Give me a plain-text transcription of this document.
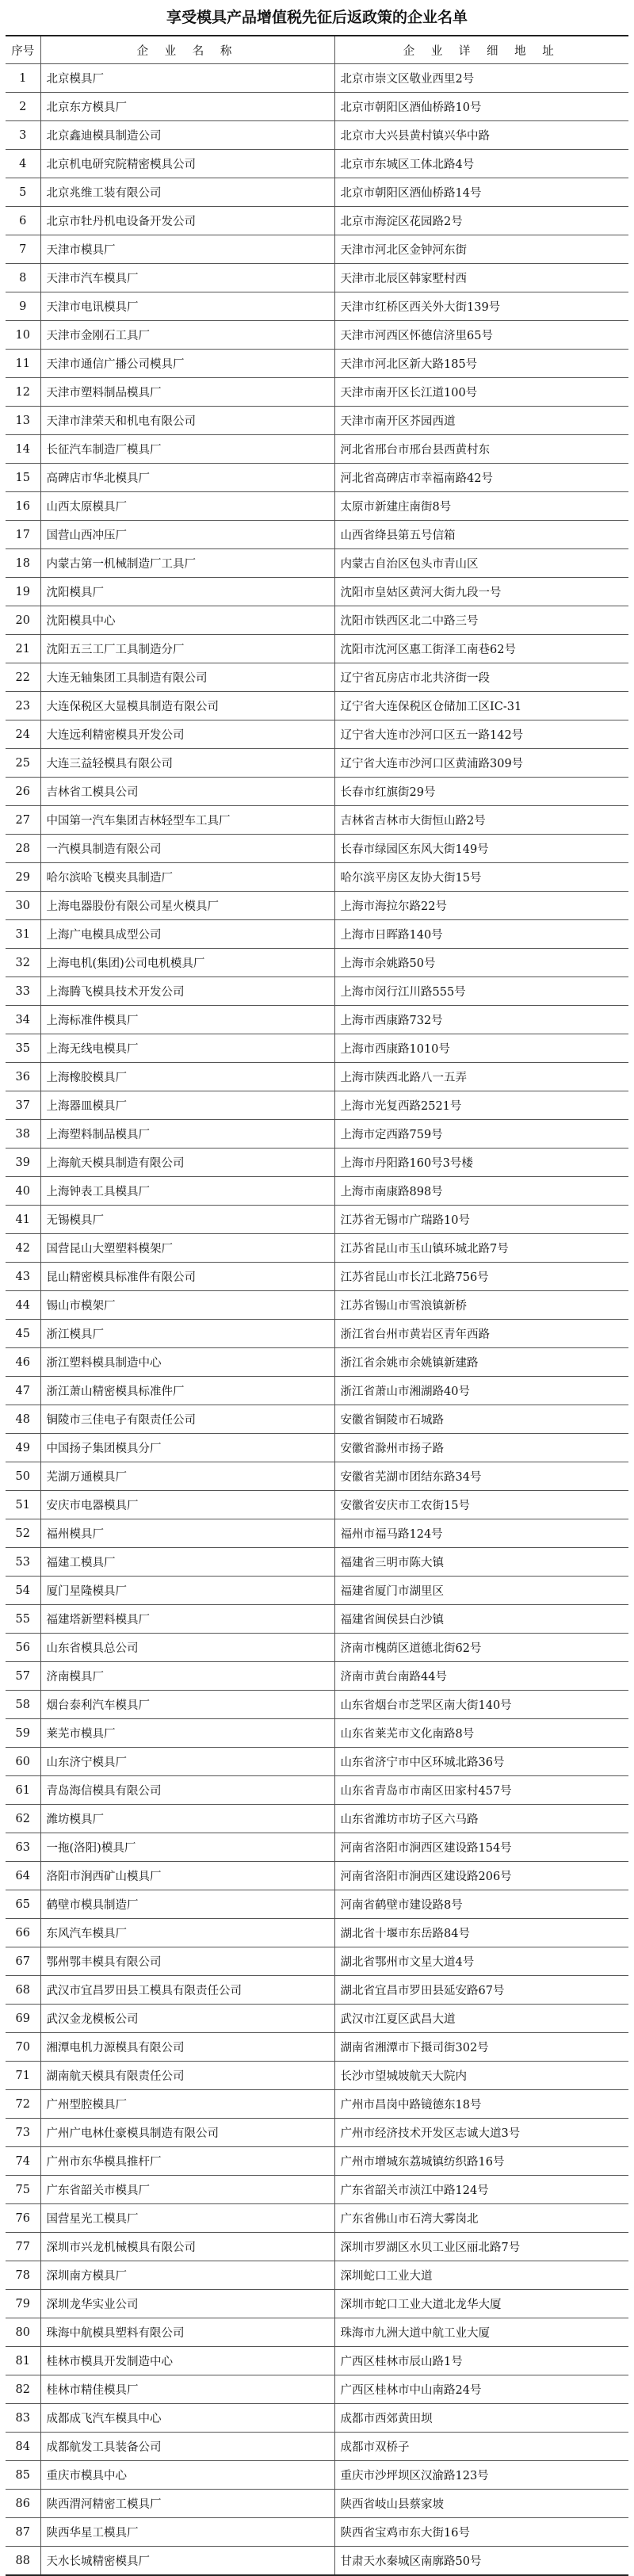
享受模具产品增值税先征后返政策的企业名单
序号	企 业 名 称	企 业 详 细 地 址
1	北京模具厂	北京市崇文区敬业西里2号
2	北京东方模具厂	北京市朝阳区酒仙桥路10号
3	北京鑫迪模具制造公司	北京市大兴县黄村镇兴华中路
4	北京机电研究院精密模具公司	北京市东城区工体北路4号
5	北京兆维工装有限公司	北京市朝阳区酒仙桥路14号
6	北京市牡丹机电设备开发公司	北京市海淀区花园路2号
7	天津市模具厂	天津市河北区金钟河东街
8	天津市汽车模具厂	天津市北辰区韩家墅村西
9	天津市电讯模具厂	天津市红桥区西关外大街139号
10	天津市金刚石工具厂	天津市河西区怀德信济里65号
11	天津市通信广播公司模具厂	天津市河北区新大路185号
12	天津市塑料制品模具厂	天津市南开区长江道100号
13	天津市津荣天和机电有限公司	天津市南开区芥园西道
14	长征汽车制造厂模具厂	河北省邢台市邢台县西黄村东
15	高碑店市华北模具厂	河北省高碑店市幸福南路42号
16	山西太原模具厂	太原市新建庄南街8号
17	国营山西冲压厂	山西省绛县第五号信箱
18	内蒙古第一机械制造厂工具厂	内蒙古自治区包头市青山区
19	沈阳模具厂	沈阳市皇姑区黄河大街九段一号
20	沈阳模具中心	沈阳市铁西区北二中路三号
21	沈阳五三工厂工具制造分厂	沈阳市沈河区惠工街泽工南巷62号
22	大连无轴集团工具制造有限公司	辽宁省瓦房店市北共济街一段
23	大连保税区大显模具制造有限公司	辽宁省大连保税区仓储加工区IC-31
24	大连远利精密模具开发公司	辽宁省大连市沙河口区五一路142号
25	大连三益轻模具有限公司	辽宁省大连市沙河口区黄浦路309号
26	吉林省工模具公司	长春市红旗街29号
27	中国第一汽车集团吉林轻型车工具厂	吉林省吉林市大街恒山路2号
28	一汽模具制造有限公司	长春市绿园区东风大街149号
29	哈尔滨哈飞模夹具制造厂	哈尔滨平房区友协大街15号
30	上海电器股份有限公司星火模具厂	上海市海拉尔路22号
31	上海广电模具成型公司	上海市日晖路140号
32	上海电机(集团)公司电机模具厂	上海市余姚路50号
33	上海腾飞模具技术开发公司	上海市闵行江川路555号
34	上海标准件模具厂	上海市西康路732号
35	上海无线电模具厂	上海市西康路1010号
36	上海橡胶模具厂	上海市陕西北路八一五弄
37	上海器皿模具厂	上海市光复西路2521号
38	上海塑料制品模具厂	上海市定西路759号
39	上海航天模具制造有限公司	上海市丹阳路160号3号楼
40	上海钟表工具模具厂	上海市南康路898号
41	无锡模具厂	江苏省无锡市广瑞路10号
42	国营昆山大塑塑料模架厂	江苏省昆山市玉山镇环城北路7号
43	昆山精密模具标准件有限公司	江苏省昆山市长江北路756号
44	锡山市模架厂	江苏省锡山市雪浪镇新桥
45	浙江模具厂	浙江省台州市黄岩区青年西路
46	浙江塑料模具制造中心	浙江省余姚市余姚镇新建路
47	浙江萧山精密模具标准件厂	浙江省萧山市湘湖路40号
48	铜陵市三佳电子有限责任公司	安徽省铜陵市石城路
49	中国扬子集团模具分厂	安徽省滁州市扬子路
50	芜湖万通模具厂	安徽省芜湖市团结东路34号
51	安庆市电器模具厂	安徽省安庆市工农街15号
52	福州模具厂	福州市福马路124号
53	福建工模具厂	福建省三明市陈大镇
54	厦门星隆模具厂	福建省厦门市湖里区
55	福建塔新塑料模具厂	福建省闽侯县白沙镇
56	山东省模具总公司	济南市槐荫区道德北街62号
57	济南模具厂	济南市黄台南路44号
58	烟台泰利汽车模具厂	山东省烟台市芝罘区南大街140号
59	莱芜市模具厂	山东省莱芜市文化南路8号
60	山东济宁模具厂	山东省济宁市中区环城北路36号
61	青岛海信模具有限公司	山东省青岛市市南区田家村457号
62	潍坊模具厂	山东省潍坊市坊子区六马路
63	一拖(洛阳)模具厂	河南省洛阳市涧西区建设路154号
64	洛阳市涧西矿山模具厂	河南省洛阳市涧西区建设路206号
65	鹤壁市模具制造厂	河南省鹤壁市建设路8号
66	东风汽车模具厂	湖北省十堰市东岳路84号
67	鄂州鄂丰模具有限公司	湖北省鄂州市文星大道4号
68	武汉市宜昌罗田县工模具有限责任公司	湖北省宜昌市罗田县延安路67号
69	武汉金龙模板公司	武汉市江夏区武昌大道
70	湘潭电机力源模具有限公司	湖南省湘潭市下摄司街302号
71	湖南航天模具有限责任公司	长沙市望城坡航天大院内
72	广州型腔模具厂	广州市昌岗中路镜德东18号
73	广州广电林仕豪模具制造有限公司	广州市经济技术开发区志诚大道3号
74	广州市东华模具推杆厂	广州市增城东荔城镇纺织路16号
75	广东省韶关市模具厂	广东省韶关市浈江中路124号
76	国营星光工模具厂	广东省佛山市石湾大雾岗北
77	深圳市兴龙机械模具有限公司	深圳市罗湖区水贝工业区丽北路7号
78	深圳南方模具厂	深圳蛇口工业大道
79	深圳龙华实业公司	深圳市蛇口工业大道北龙华大厦
80	珠海中航模具塑料有限公司	珠海市九洲大道中航工业大厦
81	桂林市模具开发制造中心	广西区桂林市辰山路1号
82	桂林市精佳模具厂	广西区桂林市中山南路24号
83	成都成飞汽车模具中心	成都市西郊黄田坝
84	成都航发工具装备公司	成都市双桥子
85	重庆市模具中心	重庆市沙坪坝区汉渝路123号
86	陕西渭河精密工模具厂	陕西省岐山县蔡家坡
87	陕西华星工模具厂	陕西省宝鸡市东大街16号
88	天水长城精密模具厂	甘肃天水秦城区南廓路50号
